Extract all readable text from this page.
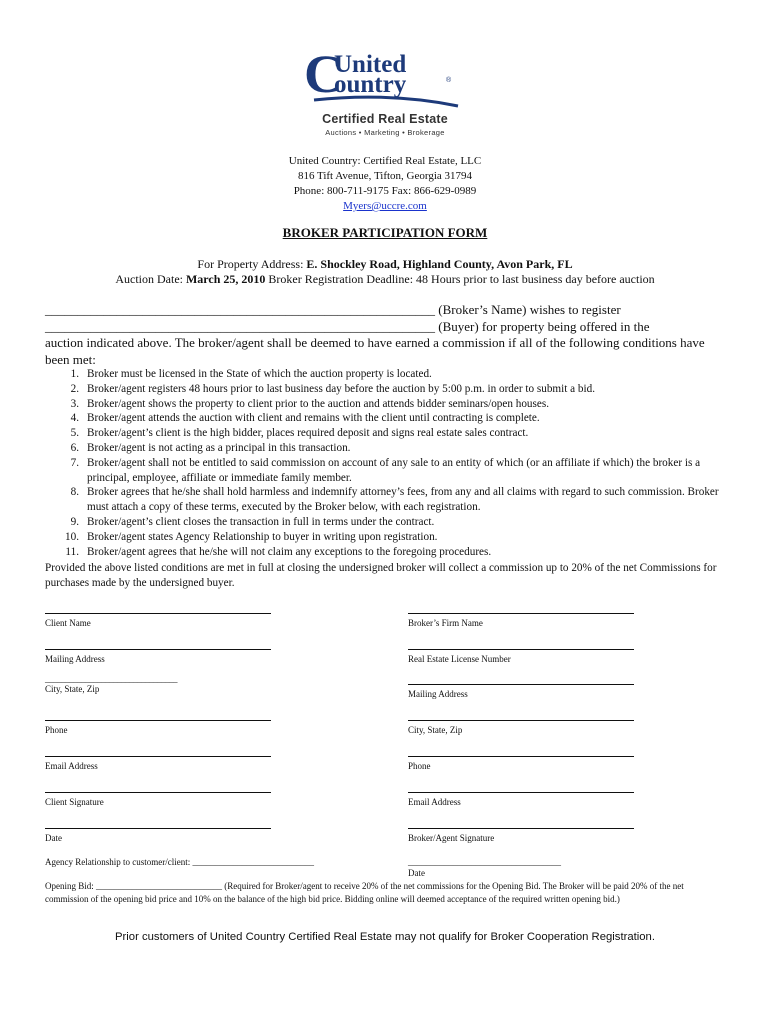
C
United
ountry	®
Certified Real Estate
Auctions • Marketing • Brokerage
United Country: Certified Real Estate, LLC
816 Tift Avenue, Tifton, Georgia 31794
Phone: 800-711-9175 Fax: 866-629-0989
Myers@uccre.com
BROKER PARTICIPATION FORM
For Property Address: E. Shockley Road, Highland County, Avon Park, FL
Auction Date: March 25, 2010 Broker Registration Deadline: 48 Hours prior to last business day before auction
____________________________________________________________ (Broker’s Name) wishes to register
____________________________________________________________ (Buyer) for property being offered in the
auction indicated above. The broker/agent shall be deemed to have earned a commission if all of the following conditions have been met:
1. Broker must be licensed in the State of which the auction property is located.
2. Broker/agent registers 48 hours prior to last business day before the auction by 5:00 p.m. in order to submit a bid.
3. Broker/agent shows the property to client prior to the auction and attends bidder seminars/open houses.
4. Broker/agent attends the auction with client and remains with the client until contracting is complete.
5. Broker/agent’s client is the high bidder, places required deposit and signs real estate sales contract.
6. Broker/agent is not acting as a principal in this transaction.
7. Broker/agent shall not be entitled to said commission on account of any sale to an entity of which (or an affiliate if which) the broker is a principal, employee, affiliate or immediate family member.
8. Broker agrees that he/she shall hold harmless and indemnify attorney’s fees, from any and all claims with regard to such commission. Broker must attach a copy of these terms, executed by the Broker below, with each registration.
9. Broker/agent’s client closes the transaction in full in terms under the contract.
10. Broker/agent states Agency Relationship to buyer in writing upon registration.
11. Broker/agent agrees that he/she will not claim any exceptions to the foregoing procedures.
Provided the above listed conditions are met in full at closing the undersigned broker will collect a commission up to 20% of the net Commissions for purchases made by the undersigned buyer.
Client Name
Mailing Address
_________________________________
City, State, Zip
Phone
Email Address
Client Signature
Date
Broker’s Firm Name
Real Estate License Number
Mailing Address
City, State, Zip
Phone
Email Address
Broker/Agent Signature
Agency Relationship to customer/client: ___________________________	__________________________________
Date
Opening Bid: ____________________________ (Required for Broker/agent to receive 20% of the net commissions for the Opening Bid. The Broker will be paid 20% of the net commission of the opening bid price and 10% on the balance of the high bid price. Bidding online will deemed acceptance of the required written opening bid.)
Prior customers of United Country Certified Real Estate may not qualify for Broker Cooperation Registration.
